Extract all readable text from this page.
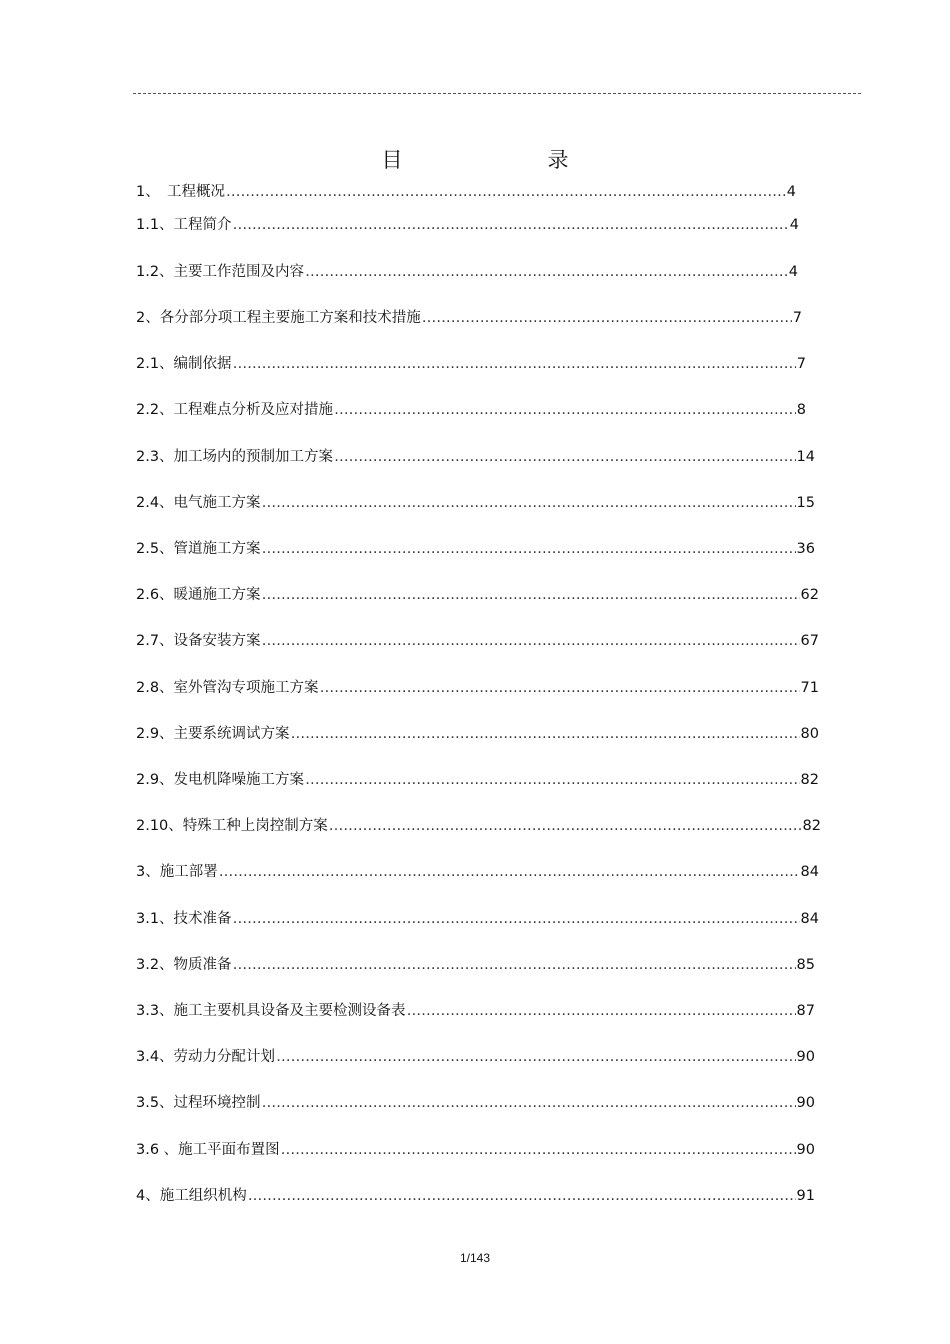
目　录
1、　工程概况 …………………………………………………………………………………………………………………………………………………………………………………………………………………………………	4
1.1、工程简介 …………………………………………………………………………………………………………………………………………………………………………………………………………………………………	4
1.2、主要工作范围及内容 …………………………………………………………………………………………………………………………………………………………………………………………………………………………………	4
2、各分部分项工程主要施工方案和技术措施 …………………………………………………………………………………………………………………………………………………………………………………………………………………………………	7
2.1、编制依据 …………………………………………………………………………………………………………………………………………………………………………………………………………………………………	7
2.2、工程难点分析及应对措施 …………………………………………………………………………………………………………………………………………………………………………………………………………………………………	8
2.3、加工场内的预制加工方案 …………………………………………………………………………………………………………………………………………………………………………………………………………………………………	14
2.4、电气施工方案 …………………………………………………………………………………………………………………………………………………………………………………………………………………………………	15
2.5、管道施工方案 …………………………………………………………………………………………………………………………………………………………………………………………………………………………………	36
2.6、暖通施工方案 …………………………………………………………………………………………………………………………………………………………………………………………………………………………………	62
2.7、设备安装方案 …………………………………………………………………………………………………………………………………………………………………………………………………………………………………	67
2.8、室外管沟专项施工方案 …………………………………………………………………………………………………………………………………………………………………………………………………………………………………	71
2.9、主要系统调试方案 …………………………………………………………………………………………………………………………………………………………………………………………………………………………………	80
2.9、发电机降噪施工方案 …………………………………………………………………………………………………………………………………………………………………………………………………………………………………	82
2.10、特殊工种上岗控制方案 …………………………………………………………………………………………………………………………………………………………………………………………………………………………………	82
3、施工部署 …………………………………………………………………………………………………………………………………………………………………………………………………………………………………	84
3.1、技术准备 …………………………………………………………………………………………………………………………………………………………………………………………………………………………………	84
3.2、物质准备 …………………………………………………………………………………………………………………………………………………………………………………………………………………………………	85
3.3、施工主要机具设备及主要检测设备表 …………………………………………………………………………………………………………………………………………………………………………………………………………………………………	87
3.4、劳动力分配计划 …………………………………………………………………………………………………………………………………………………………………………………………………………………………………	90
3.5、过程环境控制 …………………………………………………………………………………………………………………………………………………………………………………………………………………………………	90
3.6 、施工平面布置图 …………………………………………………………………………………………………………………………………………………………………………………………………………………………………	90
4、施工组织机构 …………………………………………………………………………………………………………………………………………………………………………………………………………………………………	91
1/143
